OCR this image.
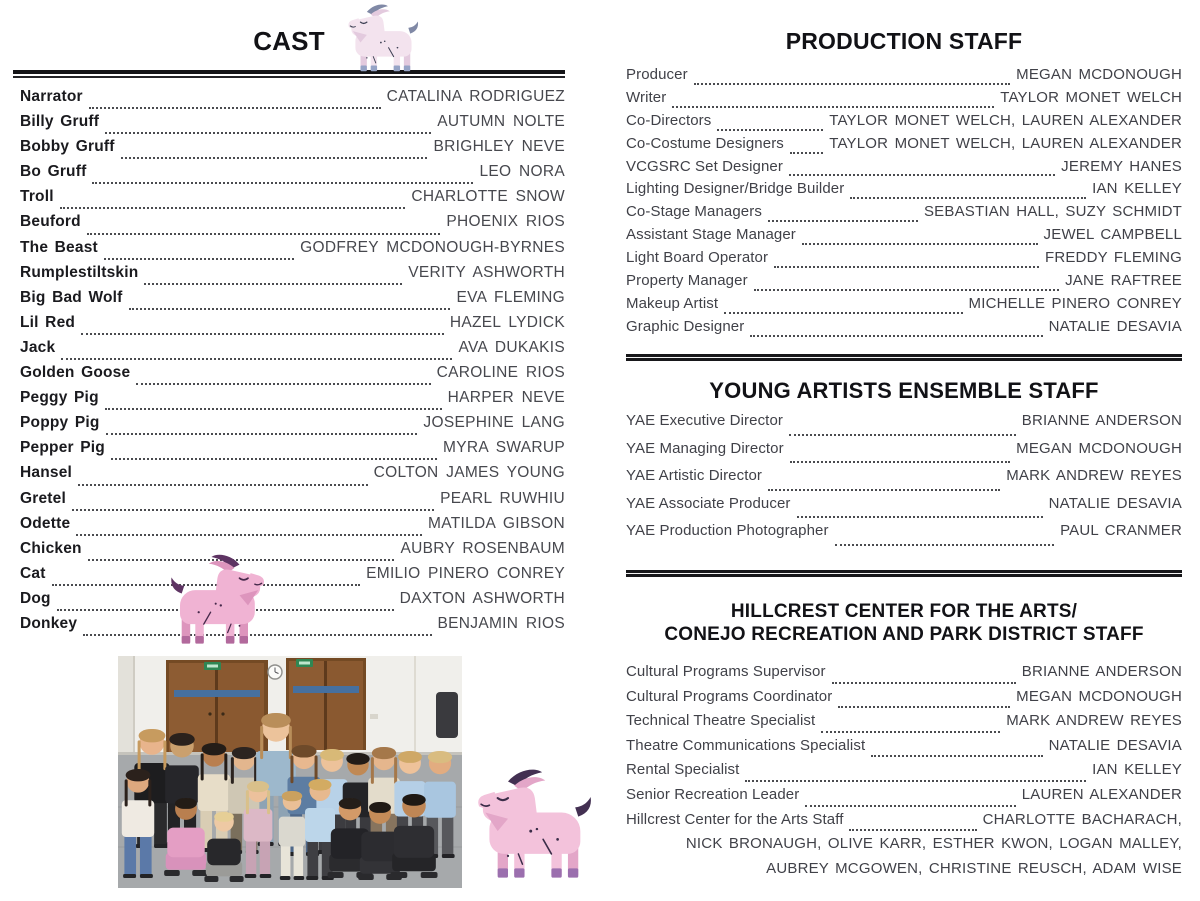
CAST
Narrator	CATALINA RODRIGUEZ
Billy Gruff	AUTUMN NOLTE
Bobby Gruff	BRIGHLEY NEVE
Bo Gruff	LEO NORA
Troll	CHARLOTTE SNOW
Beuford	PHOENIX RIOS
The Beast	GODFREY MCDONOUGH-BYRNES
Rumplestiltskin	VERITY ASHWORTH
Big Bad Wolf	EVA FLEMING
Lil Red	HAZEL LYDICK
Jack	AVA DUKAKIS
Golden Goose	CAROLINE RIOS
Peggy Pig	HARPER NEVE
Poppy Pig	JOSEPHINE LANG
Pepper Pig	MYRA SWARUP
Hansel	COLTON JAMES YOUNG
Gretel	PEARL RUWHIU
Odette	MATILDA GIBSON
Chicken	AUBRY ROSENBAUM
Cat	EMILIO PINERO CONREY
Dog	DAXTON ASHWORTH
Donkey	BENJAMIN RIOS
PRODUCTION STAFF
Producer	MEGAN MCDONOUGH
Writer	TAYLOR MONET WELCH
Co-Directors	TAYLOR MONET WELCH, LAUREN ALEXANDER
Co-Costume Designers	TAYLOR MONET WELCH, LAUREN ALEXANDER
VCGSRC Set Designer	JEREMY HANES
Lighting Designer/Bridge Builder	IAN KELLEY
Co-Stage Managers	SEBASTIAN HALL, SUZY SCHMIDT
Assistant Stage Manager	JEWEL CAMPBELL
Light Board Operator	FREDDY FLEMING
Property Manager	JANE RAFTREE
Makeup Artist	MICHELLE PINERO CONREY
Graphic Designer	NATALIE DESAVIA
YOUNG ARTISTS ENSEMBLE STAFF
YAE Executive Director	BRIANNE ANDERSON
YAE Managing Director	MEGAN MCDONOUGH
YAE Artistic Director	MARK ANDREW REYES
YAE Associate Producer	NATALIE DESAVIA
YAE Production Photographer	PAUL CRANMER
HILLCREST CENTER FOR THE ARTS/
CONEJO RECREATION AND PARK DISTRICT STAFF
Cultural Programs Supervisor	BRIANNE ANDERSON
Cultural Programs Coordinator	MEGAN MCDONOUGH
Technical Theatre Specialist	MARK ANDREW REYES
Theatre Communications Specialist	NATALIE DESAVIA
Rental Specialist	IAN KELLEY
Senior Recreation Leader	LAUREN ALEXANDER
Hillcrest Center for the Arts Staff	CHARLOTTE BACHARACH,
NICK BRONAUGH, OLIVE KARR, ESTHER KWON, LOGAN MALLEY,
AUBREY MCGOWEN, CHRISTINE REUSCH, ADAM WISE
